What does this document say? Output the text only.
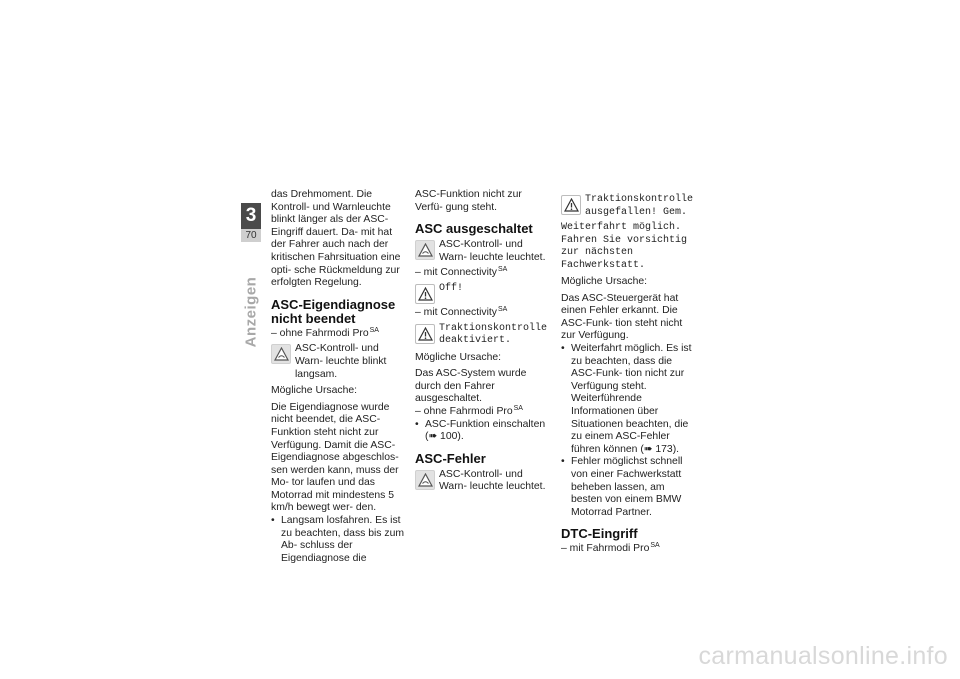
3
70
Anzeigen

das Drehmoment. Die Kontroll- und Warnleuchte blinkt länger als der ASC-Eingriff dauert. Da- mit hat der Fahrer auch nach der kritischen Fahrsituation eine opti- sche Rückmeldung zur erfolgten Regelung.

ASC-Eigendiagnose nicht beendet

– ohne Fahrmodi Pro$^{SA}$

ASC-Kontroll- und Warn- leuchte blinkt langsam.

Mögliche Ursache:

Die Eigendiagnose wurde nicht beendet, die ASC-Funktion steht nicht zur Verfügung. Damit die ASC-Eigendiagnose abgeschlos- sen werden kann, muss der Mo- tor laufen und das Motorrad mit mindestens 5 km/h bewegt wer- den.

• Langsam losfahren. Es ist zu beachten, dass bis zum Ab- schluss der Eigendiagnose die

ASC-Funktion nicht zur Verfü- gung steht.

ASC ausgeschaltet
ASC-Kontroll- und Warn- leuchte leuchtet.

– mit Connectivity$^{SA}$

Off!

– mit Connectivity$^{SA}$

Traktionskontrolle deaktiviert.

Mögliche Ursache:

Das ASC-System wurde durch den Fahrer ausgeschaltet.

– ohne Fahrmodi Pro$^{SA}$

• ASC-Funktion einschalten (➠ 100).
ASC-Fehler
ASC-Kontroll- und Warn- leuchte leuchtet.
Traktionskontrolle ausgefallen! Gem.

Weiterfahrt möglich. Fahren Sie vorsichtig zur nächsten Fachwerkstatt.

Mögliche Ursache:

Das ASC-Steuergerät hat einen Fehler erkannt. Die ASC-Funk- tion steht nicht zur Verfügung.

• Weiterfahrt möglich. Es ist zu beachten, dass die ASC-Funk- tion nicht zur Verfügung steht. Weiterführende Informationen über Situationen beachten, die zu einem ASC-Fehler führen können (➠ 173).
• Fehler möglichst schnell von einer Fachwerkstatt beheben lassen, am besten von einem BMW Motorrad Partner.
DTC-Eingriff

– mit Fahrmodi Pro$^{SA}$

carmanualsonline.info
